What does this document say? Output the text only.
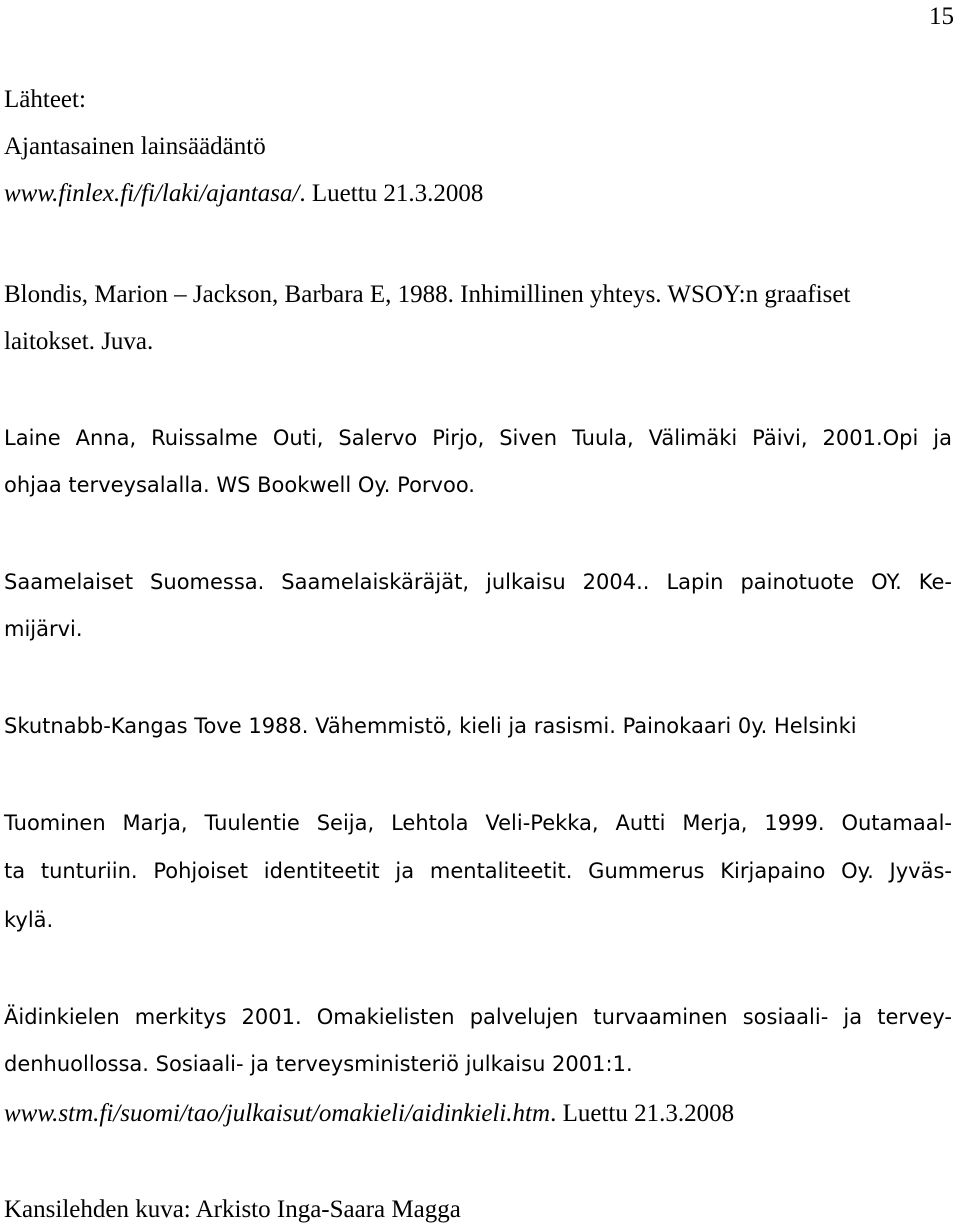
15
Lähteet:
Ajantasainen lainsäädäntö
www.finlex.fi/fi/laki/ajantasa/. Luettu 21.3.2008
Blondis, Marion – Jackson, Barbara E, 1988. Inhimillinen yhteys. WSOY:n graafiset
laitokset. Juva.
Laine Anna, Ruissalme Outi, Salervo Pirjo, Siven Tuula, Välimäki Päivi, 2001.Opi ja
ohjaa terveysalalla. WS Bookwell Oy. Porvoo.
Saamelaiset Suomessa. Saamelaiskäräjät, julkaisu 2004.. Lapin painotuote OY. Ke-
mijärvi.
Skutnabb-Kangas Tove 1988. Vähemmistö, kieli ja rasismi. Painokaari 0y. Helsinki
Tuominen Marja, Tuulentie Seija, Lehtola Veli-Pekka, Autti Merja, 1999. Outamaal-
ta tunturiin. Pohjoiset identiteetit ja mentaliteetit. Gummerus Kirjapaino Oy. Jyväs-
kylä.
Äidinkielen merkitys 2001. Omakielisten palvelujen turvaaminen sosiaali- ja tervey-
denhuollossa. Sosiaali- ja terveysministeriö julkaisu 2001:1.
www.stm.fi/suomi/tao/julkaisut/omakieli/aidinkieli.htm. Luettu 21.3.2008
Kansilehden kuva: Arkisto Inga-Saara Magga
